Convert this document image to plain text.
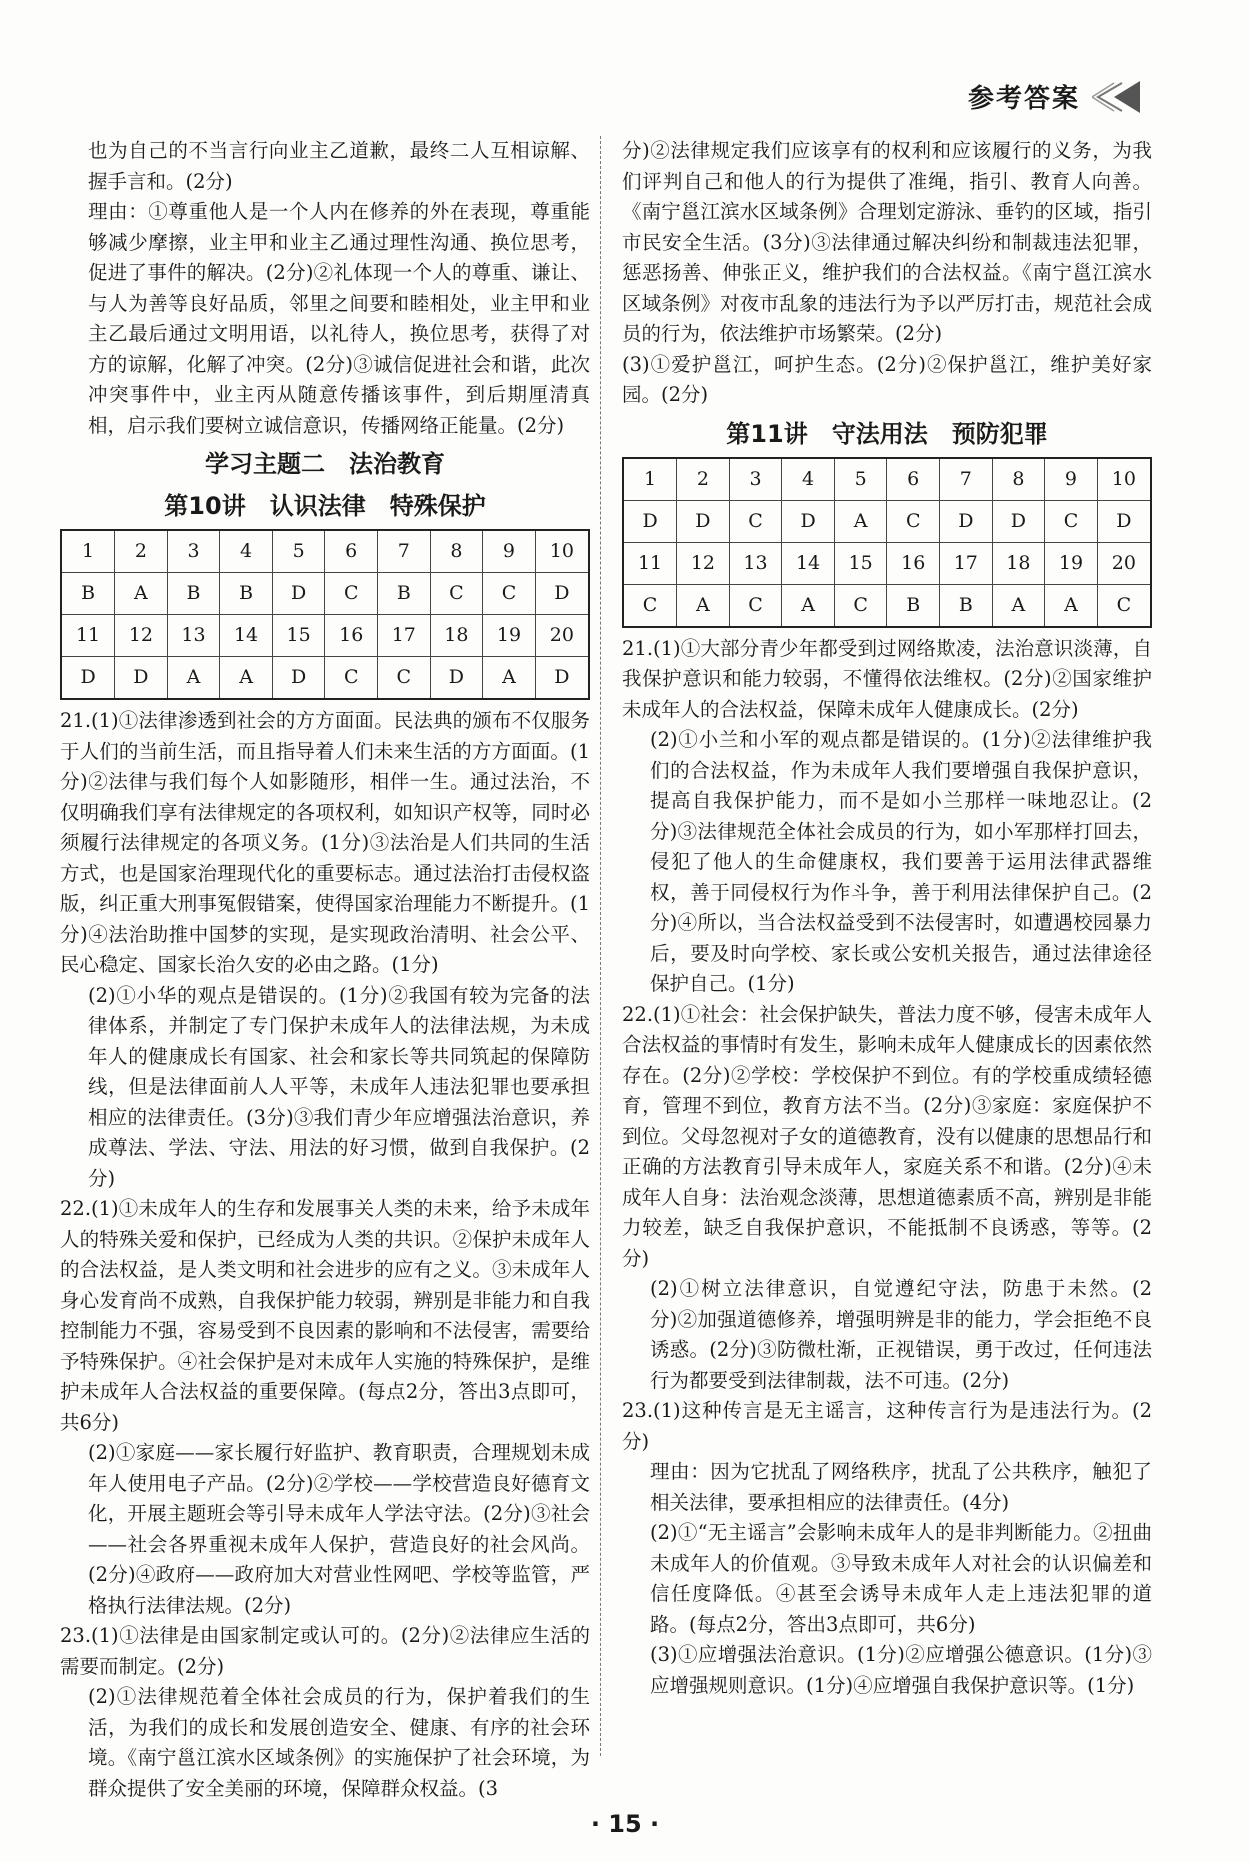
参考答案

也为自己的不当言行向业主乙道歉，最终二人互相谅解、握手言和。(2分)

理由：①尊重他人是一个人内在修养的外在表现，尊重能够减少摩擦，业主甲和业主乙通过理性沟通、换位思考，促进了事件的解决。(2分)②礼体现一个人的尊重、谦让、与人为善等良好品质，邻里之间要和睦相处，业主甲和业主乙最后通过文明用语，以礼待人，换位思考，获得了对方的谅解，化解了冲突。(2分)③诚信促进社会和谐，此次冲突事件中，业主丙从随意传播该事件，到后期厘清真相，启示我们要树立诚信意识，传播网络正能量。(2分)

学习主题二　法治教育
第10讲　认识法律　特殊保护
1	2	3	4	5	6	7	8	9	10
B	A	B	B	D	C	B	C	C	D
11	12	13	14	15	16	17	18	19	20
D	D	A	A	D	C	C	D	A	D

21.(1)①法律渗透到社会的方方面面。民法典的颁布不仅服务于人们的当前生活，而且指导着人们未来生活的方方面面。(1分)②法律与我们每个人如影随形，相伴一生。通过法治，不仅明确我们享有法律规定的各项权利，如知识产权等，同时必须履行法律规定的各项义务。(1分)③法治是人们共同的生活方式，也是国家治理现代化的重要标志。通过法治打击侵权盗版，纠正重大刑事冤假错案，使得国家治理能力不断提升。(1分)④法治助推中国梦的实现，是实现政治清明、社会公平、民心稳定、国家长治久安的必由之路。(1分)

(2)①小华的观点是错误的。(1分)②我国有较为完备的法律体系，并制定了专门保护未成年人的法律法规，为未成年人的健康成长有国家、社会和家长等共同筑起的保障防线，但是法律面前人人平等，未成年人违法犯罪也要承担相应的法律责任。(3分)③我们青少年应增强法治意识，养成尊法、学法、守法、用法的好习惯，做到自我保护。(2分)

22.(1)①未成年人的生存和发展事关人类的未来，给予未成年人的特殊关爱和保护，已经成为人类的共识。②保护未成年人的合法权益，是人类文明和社会进步的应有之义。③未成年人身心发育尚不成熟，自我保护能力较弱，辨别是非能力和自我控制能力不强，容易受到不良因素的影响和不法侵害，需要给予特殊保护。④社会保护是对未成年人实施的特殊保护，是维护未成年人合法权益的重要保障。(每点2分，答出3点即可，共6分)

(2)①家庭——家长履行好监护、教育职责，合理规划未成年人使用电子产品。(2分)②学校——学校营造良好德育文化，开展主题班会等引导未成年人学法守法。(2分)③社会——社会各界重视未成年人保护，营造良好的社会风尚。(2分)④政府——政府加大对营业性网吧、学校等监管，严格执行法律法规。(2分)

23.(1)①法律是由国家制定或认可的。(2分)②法律应生活的需要而制定。(2分)

(2)①法律规范着全体社会成员的行为，保护着我们的生活，为我们的成长和发展创造安全、健康、有序的社会环境。《南宁邕江滨水区域条例》的实施保护了社会环境，为群众提供了安全美丽的环境，保障群众权益。(3

分)②法律规定我们应该享有的权利和应该履行的义务，为我们评判自己和他人的行为提供了准绳，指引、教育人向善。《南宁邕江滨水区域条例》合理划定游泳、垂钓的区域，指引市民安全生活。(3分)③法律通过解决纠纷和制裁违法犯罪，惩恶扬善、伸张正义，维护我们的合法权益。《南宁邕江滨水区域条例》对夜市乱象的违法行为予以严厉打击，规范社会成员的行为，依法维护市场繁荣。(2分)

(3)①爱护邕江，呵护生态。(2分)②保护邕江，维护美好家园。(2分)

第11讲　守法用法　预防犯罪
1	2	3	4	5	6	7	8	9	10
D	D	C	D	A	C	D	D	C	D
11	12	13	14	15	16	17	18	19	20
C	A	C	A	C	B	B	A	A	C

21.(1)①大部分青少年都受到过网络欺凌，法治意识淡薄，自我保护意识和能力较弱，不懂得依法维权。(2分)②国家维护未成年人的合法权益，保障未成年人健康成长。(2分)

(2)①小兰和小军的观点都是错误的。(1分)②法律维护我们的合法权益，作为未成年人我们要增强自我保护意识，提高自我保护能力，而不是如小兰那样一味地忍让。(2分)③法律规范全体社会成员的行为，如小军那样打回去，侵犯了他人的生命健康权，我们要善于运用法律武器维权，善于同侵权行为作斗争，善于利用法律保护自己。(2分)④所以，当合法权益受到不法侵害时，如遭遇校园暴力后，要及时向学校、家长或公安机关报告，通过法律途径保护自己。(1分)

22.(1)①社会：社会保护缺失，普法力度不够，侵害未成年人合法权益的事情时有发生，影响未成年人健康成长的因素依然存在。(2分)②学校：学校保护不到位。有的学校重成绩轻德育，管理不到位，教育方法不当。(2分)③家庭：家庭保护不到位。父母忽视对子女的道德教育，没有以健康的思想品行和正确的方法教育引导未成年人，家庭关系不和谐。(2分)④未成年人自身：法治观念淡薄，思想道德素质不高，辨别是非能力较差，缺乏自我保护意识，不能抵制不良诱惑，等等。(2分)

(2)①树立法律意识，自觉遵纪守法，防患于未然。(2分)②加强道德修养，增强明辨是非的能力，学会拒绝不良诱惑。(2分)③防微杜渐，正视错误，勇于改过，任何违法行为都要受到法律制裁，法不可违。(2分)

23.(1)这种传言是无主谣言，这种传言行为是违法行为。(2分)

理由：因为它扰乱了网络秩序，扰乱了公共秩序，触犯了相关法律，要承担相应的法律责任。(4分)

(2)①“无主谣言”会影响未成年人的是非判断能力。②扭曲未成年人的价值观。③导致未成年人对社会的认识偏差和信任度降低。④甚至会诱导未成年人走上违法犯罪的道路。(每点2分，答出3点即可，共6分)

(3)①应增强法治意识。(1分)②应增强公德意识。(1分)③应增强规则意识。(1分)④应增强自我保护意识等。(1分)

· 15 ·
